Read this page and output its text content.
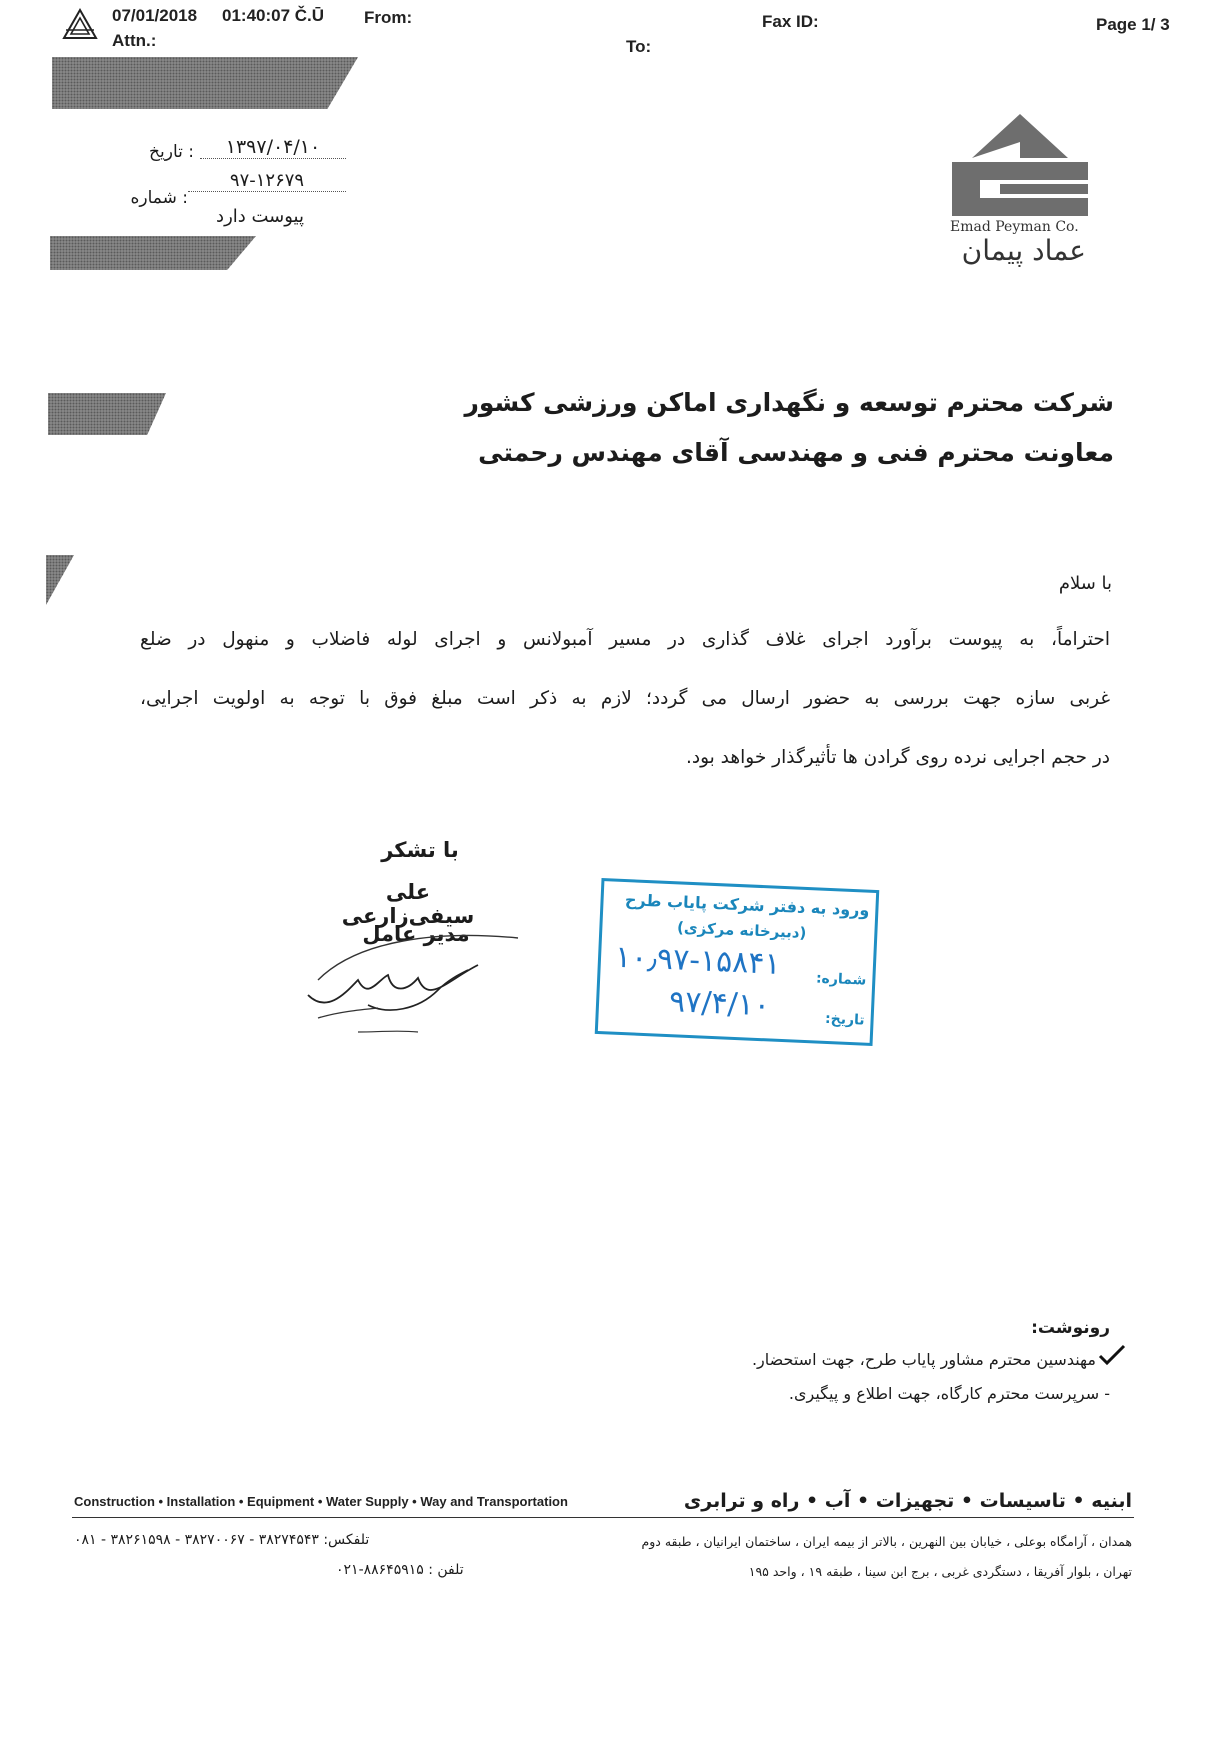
07/01/2018 01:40:07 Č.Ū From:	Fax ID:	Page 1/ 3
Attn.:	To:
: تاریخ	۱۳۹۷/۰۴/۱۰
۹۷-۱۲۶۷۹
: شماره
پیوست دارد	Emad Peyman Co.
عماد پیمان
شرکت محترم توسعه و نگهداری اماکن ورزشی کشور
معاونت محترم فنی و مهندسی آقای مهندس رحمتی
با سلام
احتراماً، به پیوست برآورد اجرای غلاف گذاری در مسیر آمبولانس و اجرای لوله فاضلاب و منهول در ضلع
غربی سازه جهت بررسی به حضور ارسال می گردد؛ لازم به ذکر است مبلغ فوق با توجه به اولویت اجرایی،
در حجم اجرایی نرده روی گرادن ها تأثیرگذار خواهد بود.
با تشکر
علی سیفی‌زارعی
مدیر عامل
ورود به دفتر شرکت پایاب طرح
(دبیرخانه مرکزی)
شماره:
۱۰٫۹۷-۱۵۸۴۱
تاریخ:
۹۷/۴/۱۰
رونوشت:
مهندسین محترم مشاور پایاب طرح، جهت استحضار.
- سرپرست محترم کارگاه، جهت اطلاع و پیگیری.
Construction • Installation • Equipment • Water Supply • Way and Transportation	ابنیه • تاسیسات • تجهیزات • آب • راه و ترابری
همدان ، آرامگاه بوعلی ، خیابان بین النهرین ، بالاتر از بیمه ایران ، ساختمان ایرانیان ، طبقه دوم
تلفکس: ۳۸۲۷۴۵۴۳ - ۳۸۲۷۰۰۶۷ - ۳۸۲۶۱۵۹۸ - ۰۸۱
تهران ، بلوار آفریقا ، دستگردی غربی ، برج ابن سینا ، طبقه ۱۹ ، واحد ۱۹۵
تلفن : ۸۸۶۴۵۹۱۵-۰۲۱
